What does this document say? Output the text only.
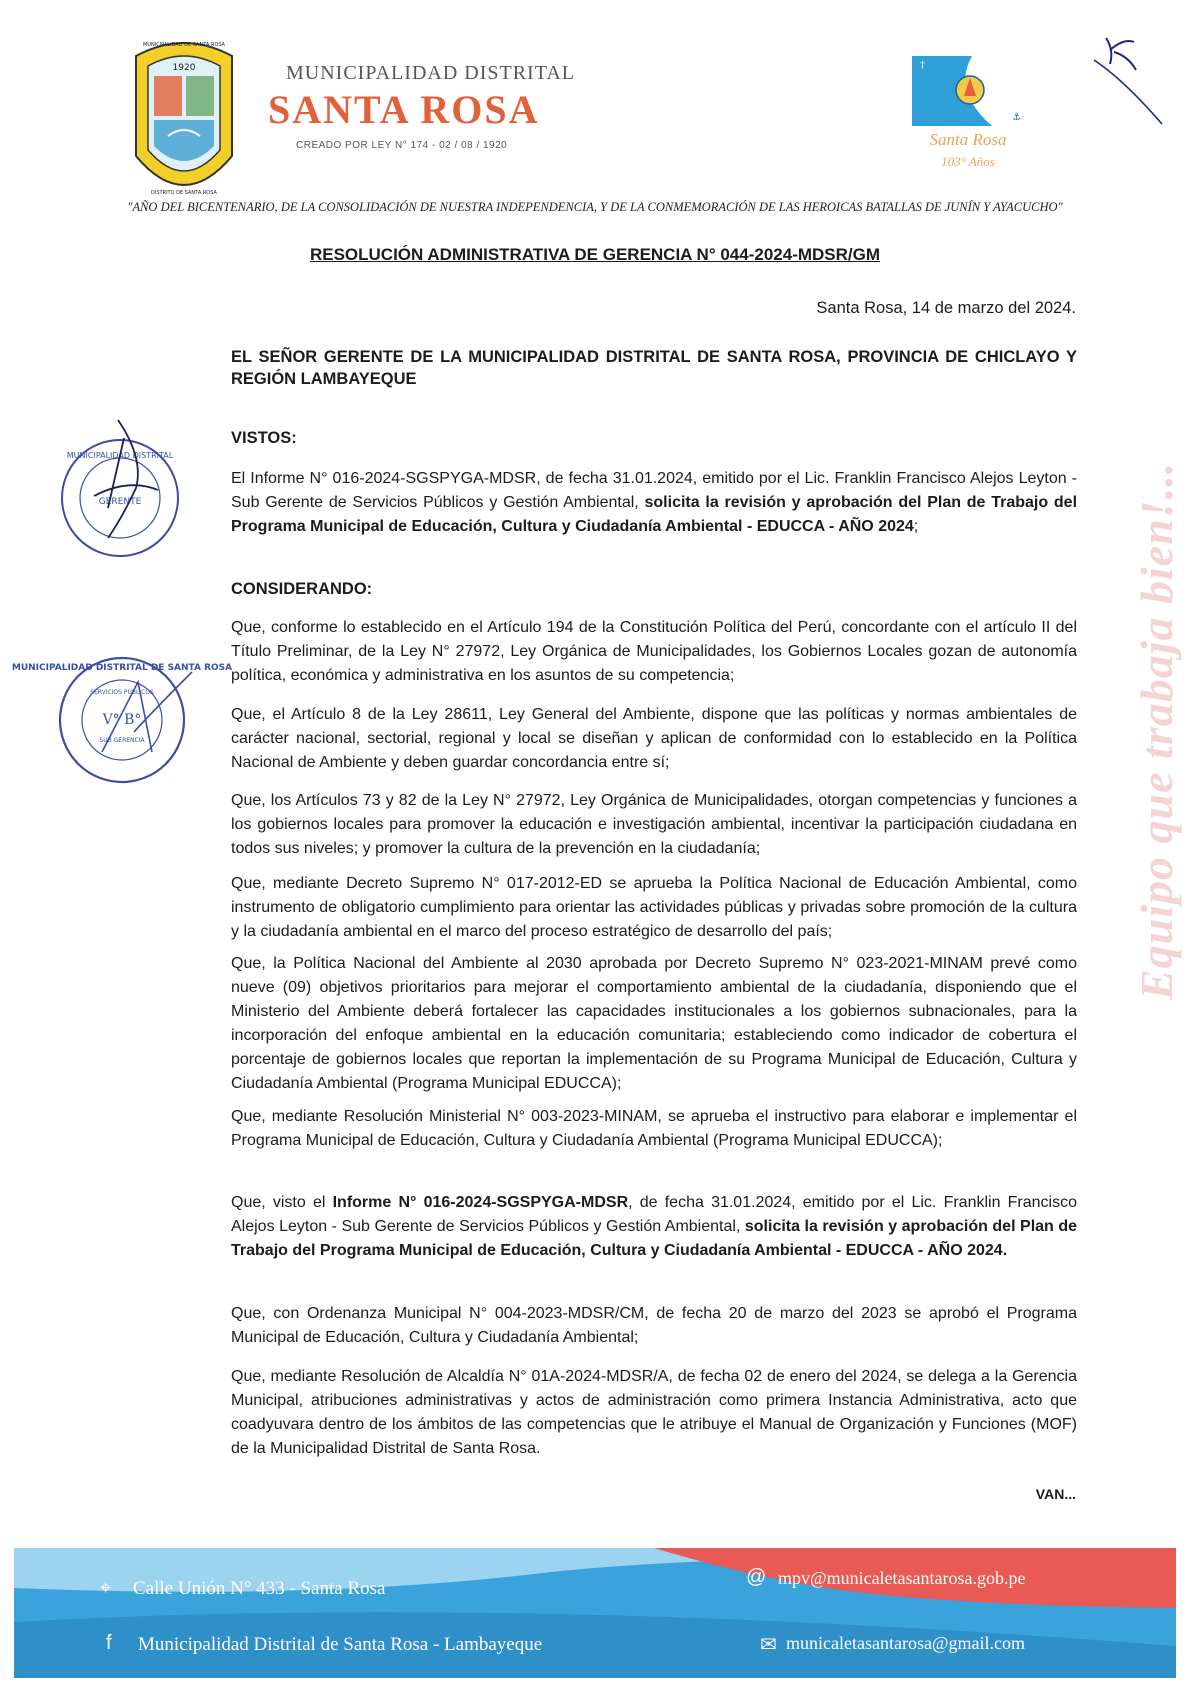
1920
MUNICIPALIDAD DE SANTA ROSA
DISTRITO DE SANTA ROSA
MUNICIPALIDAD DISTRITAL
SANTA ROSA
CREADO POR LEY N° 174 - 02 / 08 / 1920
†
⚓
Santa Rosa
103° Años
"AÑO DEL BICENTENARIO, DE LA CONSOLIDACIÓN DE NUESTRA INDEPENDENCIA, Y DE LA CONMEMORACIÓN DE LAS HEROICAS BATALLAS DE JUNÍN Y AYACUCHO"
RESOLUCIÓN ADMINISTRATIVA DE GERENCIA N° 044-2024-MDSR/GM
Santa Rosa, 14 de marzo del 2024.
EL SEÑOR GERENTE DE LA MUNICIPALIDAD DISTRITAL DE SANTA ROSA, PROVINCIA DE CHICLAYO Y REGIÓN LAMBAYEQUE
VISTOS:
El Informe N° 016-2024-SGSPYGA-MDSR, de fecha 31.01.2024, emitido por el Lic. Franklin Francisco Alejos Leyton - Sub Gerente de Servicios Públicos y Gestión Ambiental, solicita la revisión y aprobación del Plan de Trabajo del Programa Municipal de Educación, Cultura y Ciudadanía Ambiental - EDUCCA - AÑO 2024;
CONSIDERANDO:
Que, conforme lo establecido en el Artículo 194 de la Constitución Política del Perú, concordante con el artículo II del Título Preliminar, de la Ley N° 27972, Ley Orgánica de Municipalidades, los Gobiernos Locales gozan de autonomía política, económica y administrativa en los asuntos de su competencia;
Que, el Artículo 8 de la Ley 28611, Ley General del Ambiente, dispone que las políticas y normas ambientales de carácter nacional, sectorial, regional y local se diseñan y aplican de conformidad con lo establecido en la Política Nacional de Ambiente y deben guardar concordancia entre sí;
Que, los Artículos 73 y 82 de la Ley N° 27972, Ley Orgánica de Municipalidades, otorgan competencias y funciones a los gobiernos locales para promover la educación e investigación ambiental, incentivar la participación ciudadana en todos sus niveles; y promover la cultura de la prevención en la ciudadanía;
Que, mediante Decreto Supremo N° 017-2012-ED se aprueba la Política Nacional de Educación Ambiental, como instrumento de obligatorio cumplimiento para orientar las actividades públicas y privadas sobre promoción de la cultura y la ciudadanía ambiental en el marco del proceso estratégico de desarrollo del país;
Que, la Política Nacional del Ambiente al 2030 aprobada por Decreto Supremo N° 023-2021-MINAM prevé como nueve (09) objetivos prioritarios para mejorar el comportamiento ambiental de la ciudadanía, disponiendo que el Ministerio del Ambiente deberá fortalecer las capacidades institucionales a los gobiernos subnacionales, para la incorporación del enfoque ambiental en la educación comunitaria; estableciendo como indicador de cobertura el porcentaje de gobiernos locales que reportan la implementación de su Programa Municipal de Educación, Cultura y Ciudadanía Ambiental (Programa Municipal EDUCCA);
Que, mediante Resolución Ministerial N° 003-2023-MINAM, se aprueba el instructivo para elaborar e implementar el Programa Municipal de Educación, Cultura y Ciudadanía Ambiental (Programa Municipal EDUCCA);
Que, visto el Informe N° 016-2024-SGSPYGA-MDSR, de fecha 31.01.2024, emitido por el Lic. Franklin Francisco Alejos Leyton - Sub Gerente de Servicios Públicos y Gestión Ambiental, solicita la revisión y aprobación del Plan de Trabajo del Programa Municipal de Educación, Cultura y Ciudadanía Ambiental - EDUCCA - AÑO 2024.
Que, con Ordenanza Municipal N° 004-2023-MDSR/CM, de fecha 20 de marzo del 2023 se aprobó el Programa Municipal de Educación, Cultura y Ciudadanía Ambiental;
Que, mediante Resolución de Alcaldía N° 01A-2024-MDSR/A, de fecha 02 de enero del 2024, se delega a la Gerencia Municipal, atribuciones administrativas y actos de administración como primera Instancia Administrativa, acto que coadyuvara dentro de los ámbitos de las competencias que le atribuye el Manual de Organización y Funciones (MOF) de la Municipalidad Distrital de Santa Rosa.
VAN...
MUNICIPALIDAD DISTRITAL
GERENTE
MUNICIPALIDAD DISTRITAL DE SANTA ROSA
SERVICIOS PUBLICOS
V° B°
SUB GERENCIA	Equipo que trabaja bien!...
⌖ Calle Unión N° 433 - Santa Rosa
f Municipalidad Distrital de Santa Rosa - Lambayeque
@ mpv@municaletasantarosa.gob.pe
✉ municaletasantarosa@gmail.com
